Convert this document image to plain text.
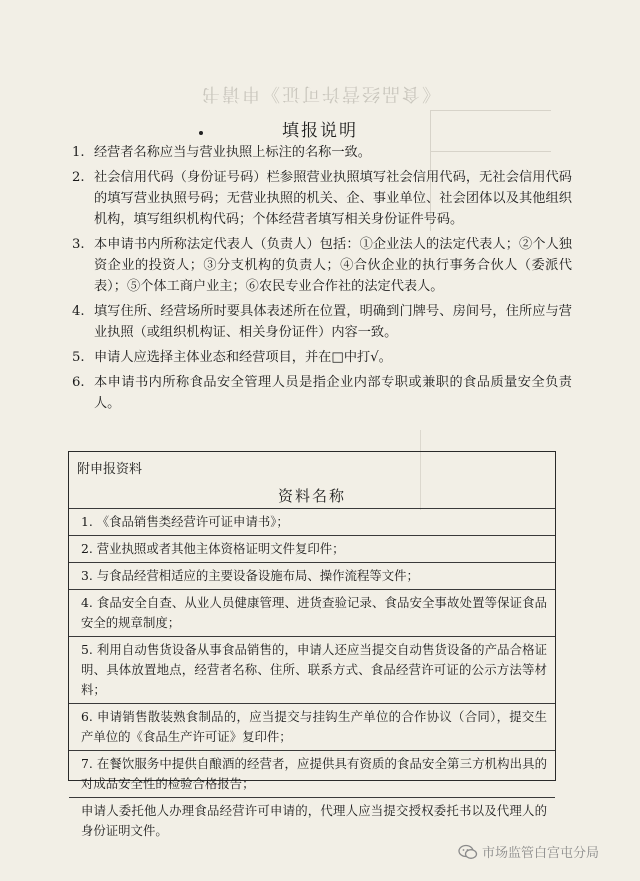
《食品经营许可证》申请书
填报说明
1. 经营者名称应当与营业执照上标注的名称一致。
2. 社会信用代码（身份证号码）栏参照营业执照填写社会信用代码，无社会信用代码的填写营业执照号码；无营业执照的机关、企、事业单位、社会团体以及其他组织机构，填写组织机构代码；个体经营者填写相关身份证件号码。
3. 本申请书内所称法定代表人（负责人）包括：①企业法人的法定代表人；②个人独资企业的投资人；③分支机构的负责人；④合伙企业的执行事务合伙人（委派代表）；⑤个体工商户业主；⑥农民专业合作社的法定代表人。
4. 填写住所、经营场所时要具体表述所在位置，明确到门牌号、房间号，住所应与营业执照（或组织机构证、相关身份证件）内容一致。
5. 申请人应选择主体业态和经营项目，并在□中打√。
6. 本申请书内所称食品安全管理人员是指企业内部专职或兼职的食品质量安全负责人。
附申报资料
资料名称
1. 《食品销售类经营许可证申请书》；
2. 营业执照或者其他主体资格证明文件复印件；
3. 与食品经营相适应的主要设备设施布局、操作流程等文件；
4. 食品安全自查、从业人员健康管理、进货查验记录、食品安全事故处置等保证食品安全的规章制度；
5. 利用自动售货设备从事食品销售的，申请人还应当提交自动售货设备的产品合格证明、具体放置地点，经营者名称、住所、联系方式、食品经营许可证的公示方法等材料；
6. 申请销售散装熟食制品的，应当提交与挂钩生产单位的合作协议（合同），提交生产单位的《食品生产许可证》复印件；
7. 在餐饮服务中提供自酿酒的经营者，应提供具有资质的食品安全第三方机构出具的对成品安全性的检验合格报告；
申请人委托他人办理食品经营许可申请的，代理人应当提交授权委托书以及代理人的身份证明文件。
市场监管白宫屯分局
